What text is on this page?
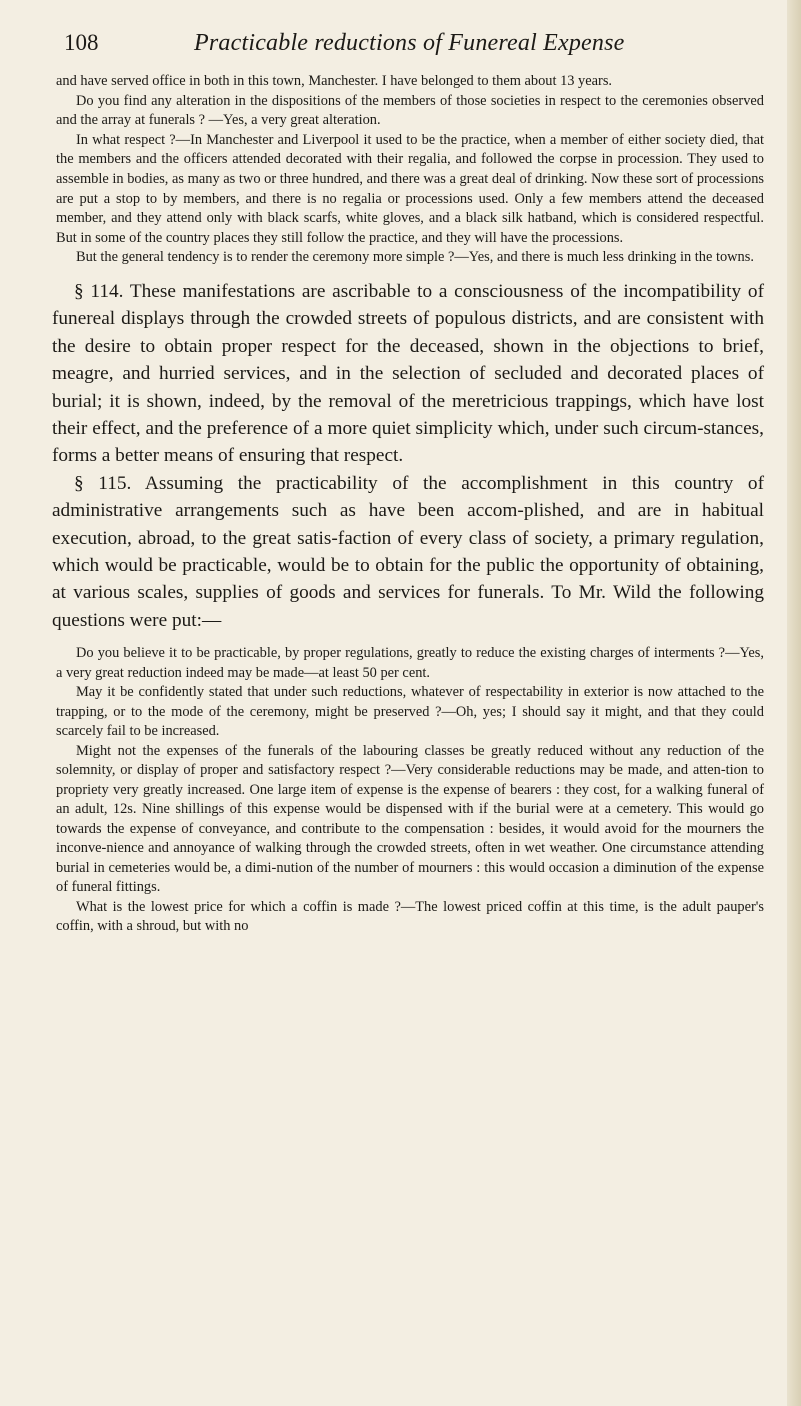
108	Practicable reductions of Funereal Expense

and have served office in both in this town, Manchester. I have belonged to them about 13 years.

Do you find any alteration in the dispositions of the members of those societies in respect to the ceremonies observed and the array at funerals ? —Yes, a very great alteration.

In what respect ?—In Manchester and Liverpool it used to be the practice, when a member of either society died, that the members and the officers attended decorated with their regalia, and followed the corpse in procession. They used to assemble in bodies, as many as two or three hundred, and there was a great deal of drinking. Now these sort of processions are put a stop to by members, and there is no regalia or processions used. Only a few members attend the deceased member, and they attend only with black scarfs, white gloves, and a black silk hatband, which is considered respectful. But in some of the country places they still follow the practice, and they will have the processions.

But the general tendency is to render the ceremony more simple ?—Yes, and there is much less drinking in the towns.

§ 114. These manifestations are ascribable to a consciousness of the incompatibility of funereal displays through the crowded streets of populous districts, and are consistent with the desire to obtain proper respect for the deceased, shown in the objections to brief, meagre, and hurried services, and in the selection of secluded and decorated places of burial; it is shown, indeed, by the removal of the meretricious trappings, which have lost their effect, and the preference of a more quiet simplicity which, under such circum-stances, forms a better means of ensuring that respect.

§ 115. Assuming the practicability of the accomplishment in this country of administrative arrangements such as have been accom-plished, and are in habitual execution, abroad, to the great satis-faction of every class of society, a primary regulation, which would be practicable, would be to obtain for the public the opportunity of obtaining, at various scales, supplies of goods and services for funerals. To Mr. Wild the following questions were put:—

Do you believe it to be practicable, by proper regulations, greatly to reduce the existing charges of interments ?—Yes, a very great reduction indeed may be made—at least 50 per cent.

May it be confidently stated that under such reductions, whatever of respectability in exterior is now attached to the trapping, or to the mode of the ceremony, might be preserved ?—Oh, yes; I should say it might, and that they could scarcely fail to be increased.

Might not the expenses of the funerals of the labouring classes be greatly reduced without any reduction of the solemnity, or display of proper and satisfactory respect ?—Very considerable reductions may be made, and atten-tion to propriety very greatly increased. One large item of expense is the expense of bearers : they cost, for a walking funeral of an adult, 12s. Nine shillings of this expense would be dispensed with if the burial were at a cemetery. This would go towards the expense of conveyance, and contribute to the compensation : besides, it would avoid for the mourners the inconve-nience and annoyance of walking through the crowded streets, often in wet weather. One circumstance attending burial in cemeteries would be, a dimi-nution of the number of mourners : this would occasion a diminution of the expense of funeral fittings.

What is the lowest price for which a coffin is made ?—The lowest priced coffin at this time, is the adult pauper's coffin, with a shroud, but with no
